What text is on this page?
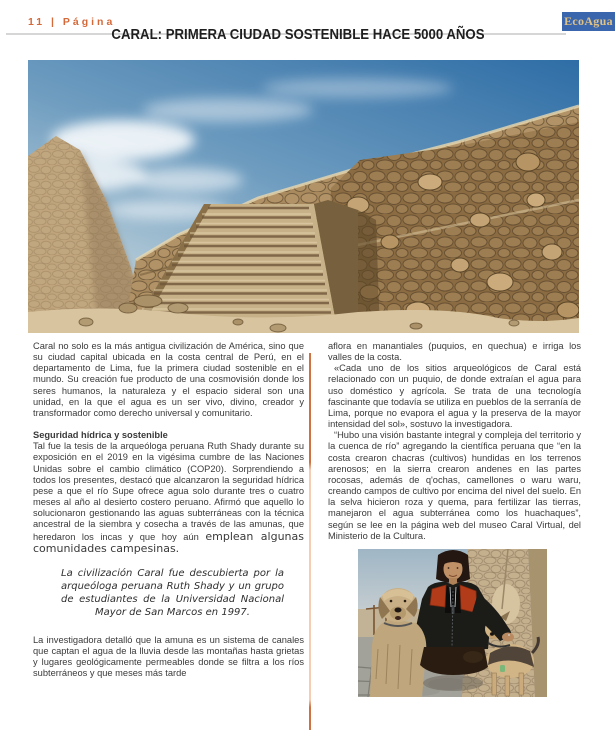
11 | Página	EcoAgua
CARAL: PRIMERA CIUDAD SOSTENIBLE HACE 5000 AÑOS

Caral no solo es la más antigua civilización de América, sino que su ciudad capital ubicada en la costa central de Perú, en el departamento de Lima, fue la primera ciudad sostenible en el mundo. Su creación fue producto de una cosmovisión donde los seres humanos, la naturaleza y el espacio sideral son una unidad, en la que el agua es un ser vivo, divino, creador y transformador como derecho universal y comunitario.

Seguridad hídrica y sostenible

Tal fue la tesis de la arqueóloga peruana Ruth Shady durante su exposición en el 2019 en la vigésima cumbre de las Naciones Unidas sobre el cambio climático (COP20). Sorprendiendo a todos los presentes, destacó que alcanzaron la seguridad hídrica pese a que el río Supe ofrece agua solo durante tres o cuatro meses al año al desierto costero peruano. Afirmó que aquello lo solucionaron gestionando las aguas subterráneas con la técnica ancestral de la siembra y cosecha a través de las amunas, que heredaron los incas y que hoy aún emplean algunas comunidades campesinas.

La civilización Caral fue descubierta por la arqueóloga peruana Ruth Shady y un grupo de estudiantes de la Universidad Nacional Mayor de San Marcos en 1997.

La investigadora detalló que la amuna es un sistema de canales que captan el agua de la lluvia desde las montañas hasta grietas y lugares geológicamente permeables donde se filtra a los ríos subterráneos y que meses más tarde

aflora en manantiales (puquios, en quechua) e irriga los valles de la costa.

«Cada uno de los sitios arqueológicos de Caral está relacionado con un puquio, de donde extraían el agua para uso doméstico y agrícola. Se trata de una tecnología fascinante que todavía se utiliza en pueblos de la serranía de Lima, porque no evapora el agua y la preserva de la mayor intensidad del sol», sostuvo la investigadora.

“Hubo una visión bastante integral y compleja del territorio y la cuenca de río” agregando la científica peruana que “en la costa crearon chacras (cultivos) hundidas en los terrenos arenosos; en la sierra crearon andenes en las partes rocosas, además de q'ochas, camellones o waru waru, creando campos de cultivo por encima del nivel del suelo. En la selva hicieron roza y quema, para fertilizar las tierras, manejaron el agua subterránea como los huachaques”, según se lee en la página web del museo Caral Virtual, del Ministerio de la Cultura.
